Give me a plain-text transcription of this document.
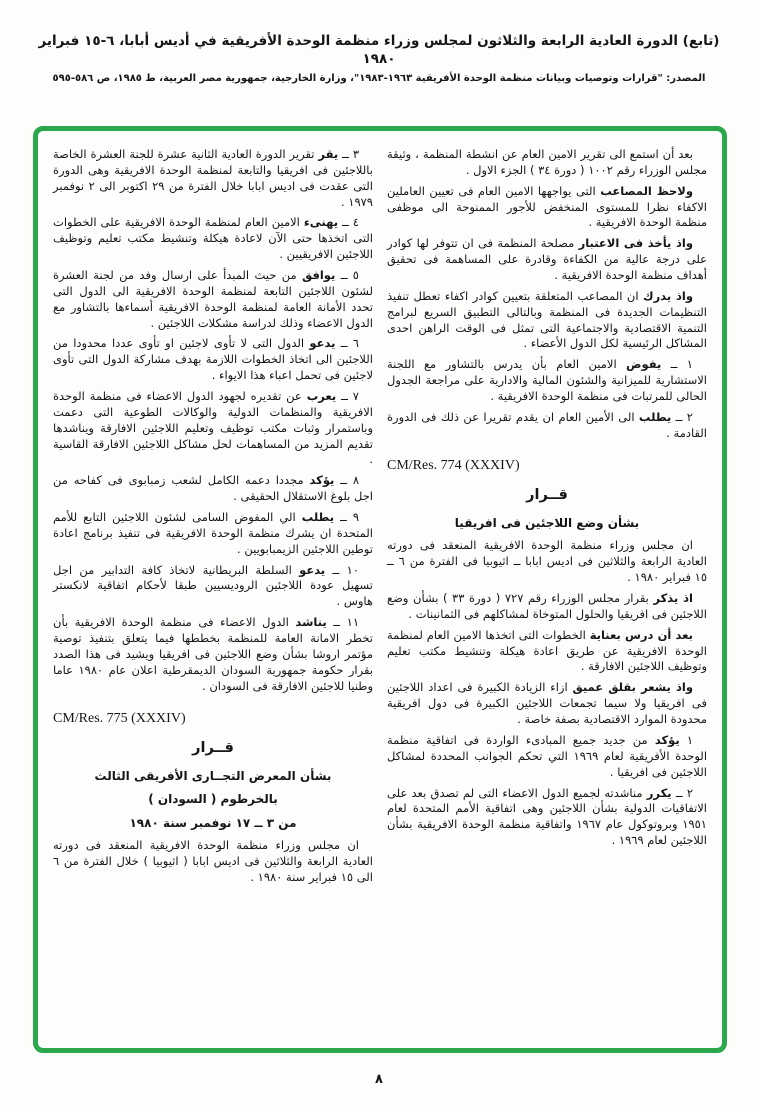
(تابع) الدورة العادية الرابعة والثلاثون لمجلس وزراء منظمة الوحدة الأفريقية في أديس أبابا، ٦-١٥ فبراير ١٩٨٠
المصدر: "قرارات وتوصيات وبيانات منظمة الوحدة الأفريقية ١٩٦٣-١٩٨٣"، وزارة الخارجية، جمهورية مصر العربية، ط ١٩٨٥، ص ٥٨٦-٥٩٥
بعد أن استمع الى تقرير الامين العام عن انشطة المنظمة ، وثيقة مجلس الوزراء رقم ١٠٠٢ ( دورة ٣٤ ) الجزء الاول .
ولاحظ المصاعب التى يواجهها الامين العام فى تعيين العاملين الاكفاء نظرا للمستوى المنخفض للأجور الممنوحة الى موظفى منظمة الوحدة الافريقية .
واذ يأخذ فى الاعتبار مصلحة المنظمة فى ان تتوفر لها كوادر على درجة عالية من الكفاءة وقادرة على المساهمة فى تحقيق أهداف منظمة الوحدة الافريقية .
واذ يدرك ان المصاعب المتعلقة بتعيين كوادر اكفاء تعطل تنفيذ التنظيمات الجديدة فى المنظمة وبالتالى التطبيق السريع لبرامج التنمية الاقتصادية والاجتماعية التى تمثل فى الوقت الراهن احدى المشاكل الرئيسية لكل الدول الأعضاء .
١ ــ يفوض الامين العام بأن يدرس بالتشاور مع اللجنة الاستشارية للميزانية والشئون المالية والادارية على مراجعة الجدول الحالى للمرتبات فى منظمة الوحدة الافريقية .
٢ ــ يطلب الى الأمين العام ان يقدم تقريرا عن ذلك فى الدورة القادمة .
CM/Res. 774 (XXXIV)
قــرار
بشأن وضع اللاجئين فى افريقيا
ان مجلس وزراء منظمة الوحدة الافريقية المنعقد فى دورته العادية الرابعة والثلاثين فى اديس ابابا ــ اثيوبيا فى الفترة من ٦ ــ ١٥ فبراير ١٩٨٠ .
اذ يذكر بقرار مجلس الوزراء رقم ٧٢٧ ( دورة ٣٣ ) بشأن وضع اللاجئين فى افريقيا والحلول المتوخاة لمشاكلهم فى الثمانينات .
بعد أن درس بعناية الخطوات التى اتخذها الامين العام لمنظمة الوحدة الافريقية عن طريق اعادة هيكلة وتنشيط مكتب تعليم وتوظيف اللاجئين الافارقة .
واذ يشعر بقلق عميق ازاء الزيادة الكبيرة فى اعداد اللاجئين فى افريقيا ولا سيما تجمعات اللاجئين الكبيرة فى دول افريقية محدودة الموارد الاقتصادية بصفة خاصة .
١ يؤكد من جديد جميع المبادىء الواردة فى اتفاقية منظمة الوحدة الأفريقية لعام ١٩٦٩ التي تحكم الجوانب المحددة لمشاكل اللاجئين فى افريقيا .
٢ ــ يكرر مناشدته لجميع الدول الاعضاء التى لم تصدق بعد على الاتفاقيات الدولية بشأن اللاجئين وهى اتفاقية الأمم المتحدة لعام ١٩٥١ وبروتوكول عام ١٩٦٧ واتفاقية منظمة الوحدة الافريقية بشأن اللاجئين لعام ١٩٦٩ .
٣ ــ يقر تقرير الدورة العادية الثانية عشرة للجنة العشرة الخاصة باللاجئين فى افريقيا والتابعة لمنظمة الوحدة الافريقية وهى الدورة التى عقدت فى اديس ابابا خلال الفترة من ٢٩ اكتوبر الى ٢ نوفمبر ١٩٧٩ .
٤ ــ يهنىء الامين العام لمنظمة الوحدة الافريقية على الخطوات التى اتخذها حتى الآن لاعادة هيكلة وتنشيط مكتب تعليم وتوظيف اللاجئين الافريقيين .
٥ ــ يوافق من حيث المبدأ على ارسال وفد من لجنة العشرة لشئون اللاجئين التابعة لمنظمة الوحدة الافريقية الى الدول التى تحدد الأمانة العامة لمنظمة الوحدة الافريقية أسماءها بالتشاور مع الدول الاعضاء وذلك لدراسة مشكلات اللاجئين .
٦ ــ يدعو الدول التى لا تأوى لاجئين او تأوى عددا محدودا من اللاجئين الى اتخاذ الخطوات اللازمة بهدف مشاركة الدول التى تأوى لاجئين فى تحمل اعباء هذا الايواء .
٧ ــ يعرب عن تقديره لجهود الدول الاعضاء فى منظمة الوحدة الافريقية والمنظمات الدولية والوكالات الطوعية التى دعمت وباستمرار وثبات مكتب توظيف وتعليم اللاجئين الافارقة ويناشدها تقديم المزيد من المساهمات لحل مشاكل اللاجئين الافارقة القاسية .
٨ ــ يؤكد مجددا دعمه الكامل لشعب زمبابوى فى كفاحه من اجل بلوغ الاستقلال الحقيقى .
٩ ــ يطلب الي المفوض السامى لشئون اللاجئين التابع للأمم المتحدة ان يشرك منظمة الوحدة الافريقية فى تنفيذ برنامج اعادة توطين اللاجئين الزيمبابويين .
١٠ ــ يدعو السلطة البريطانية لاتخاذ كافة التدابير من اجل تسهيل عودة اللاجئين الروديسيين طبقا لأحكام اتفاقية لانكستر هاوس .
١١ ــ يناشد الدول الاعضاء فى منظمة الوحدة الافريقية بأن تخطر الامانة العامة للمنظمة بخططها فيما يتعلق بتنفيذ توصية مؤتمر اروشا بشأن وضع اللاجئين فى افريقيا ويشيد فى هذا الصدد بقرار حكومة جمهورية السودان الديمقرطية اعلان عام ١٩٨٠ عاما وطنيا للاجئين الافارقة فى السودان .
CM/Res. 775 (XXXIV)
قــرار
بشأن المعرض التجــارى الأفريقى الثالث
بالخرطوم ( السودان )
من ٣ ــ ١٧ نوفمبر سنة ١٩٨٠
ان مجلس وزراء منظمة الوحدة الافريقية المنعقد فى دورته العادية الرابعة والثلاثين فى اديس ابابا ( اثيوبيا ) خلال الفترة من ٦ الى ١٥ فبراير سنة ١٩٨٠ .
٨
